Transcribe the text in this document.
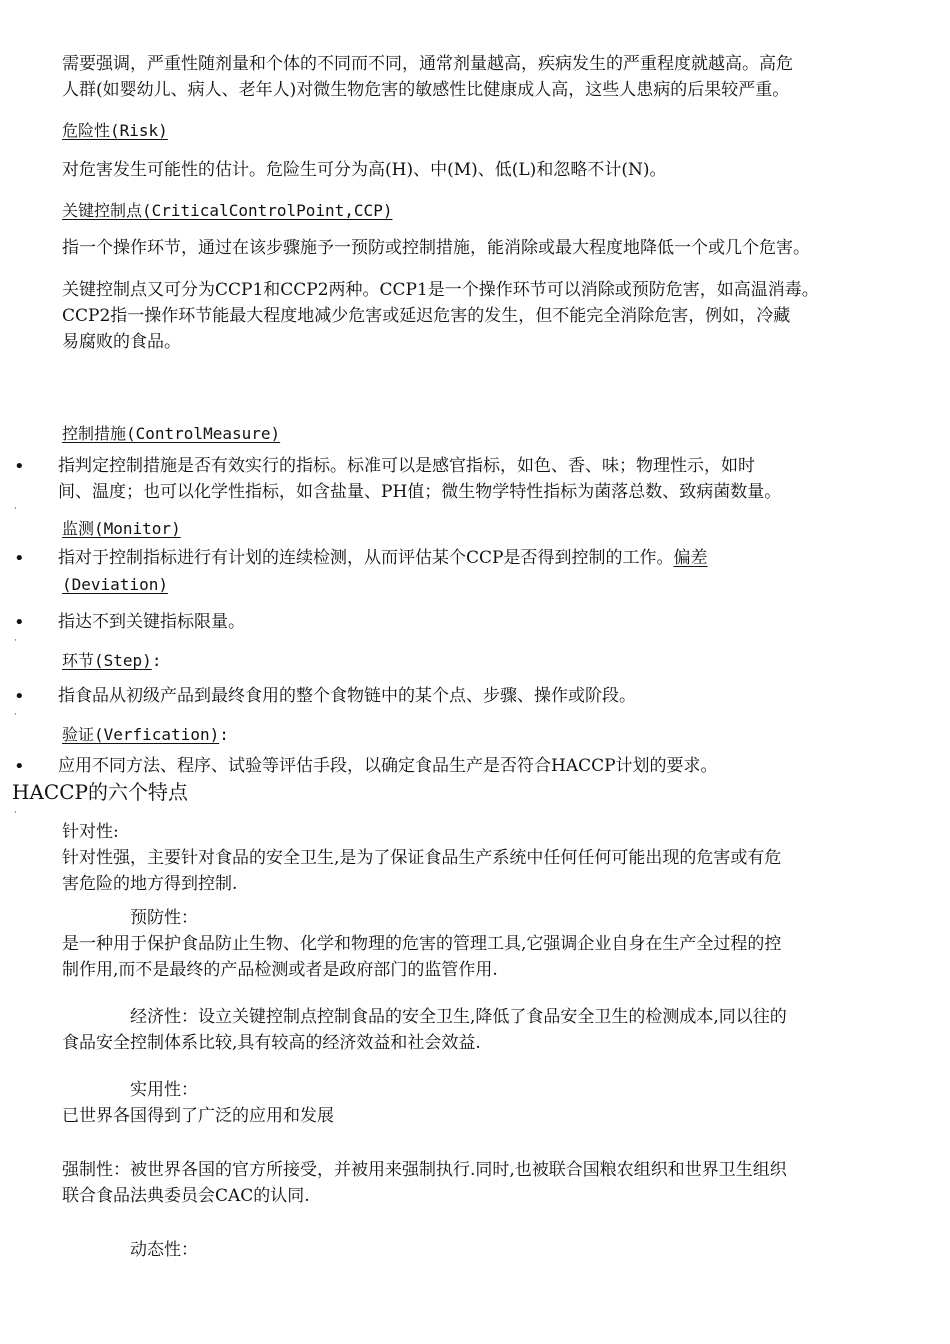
需要强调，严重性随剂量和个体的不同而不同，通常剂量越高，疾病发生的严重程度就越高。高危

人群(如婴幼儿、病人、老年人)对微生物危害的敏感性比健康成人高，这些人患病的后果较严重。

危险性(Risk)

对危害发生可能性的估计。危险生可分为高(H)、中(M)、低(L)和忽略不计(N)。

关键控制点(CriticalControlPoint,CCP)

指一个操作环节，通过在该步骤施予一预防或控制措施，能消除或最大程度地降低一个或几个危害。

关键控制点又可分为CCP1和CCP2两种。CCP1是一个操作环节可以消除或预防危害，如高温消毒。

CCP2指一操作环节能最大程度地减少危害或延迟危害的发生，但不能完全消除危害，例如，冷藏

易腐败的食品。

控制措施(ControlMeasure)

• 指判定控制措施是否有效实行的指标。标准可以是感官指标，如色、香、味；物理性示，如时

间、温度；也可以化学性指标，如含盐量、PH值；微生物学特性指标为菌落总数、致病菌数量。

·

监测(Monitor)

• 指对于控制指标进行有计划的连续检测，从而评估某个CCP是否得到控制的工作。偏差

(Deviation)

• 指达不到关键指标限量。

·

环节(Step):

• 指食品从初级产品到最终食用的整个食物链中的某个点、步骤、操作或阶段。

·

验证(Verfication):

• 应用不同方法、程序、试验等评估手段，以确定食品生产是否符合HACCP计划的要求。

HACCP的六个特点

·

针对性:

针对性强，主要针对食品的安全卫生,是为了保证食品生产系统中任何任何可能出现的危害或有危

害危险的地方得到控制.

预防性：

是一种用于保护食品防止生物、化学和物理的危害的管理工具,它强调企业自身在生产全过程的控

制作用,而不是最终的产品检测或者是政府部门的监管作用.

经济性：设立关键控制点控制食品的安全卫生,降低了食品安全卫生的检测成本,同以往的

食品安全控制体系比较,具有较高的经济效益和社会效益.

实用性：

已世界各国得到了广泛的应用和发展

强制性：被世界各国的官方所接受，并被用来强制执行.同时,也被联合国粮农组织和世界卫生组织

联合食品法典委员会CAC的认同.

动态性：
